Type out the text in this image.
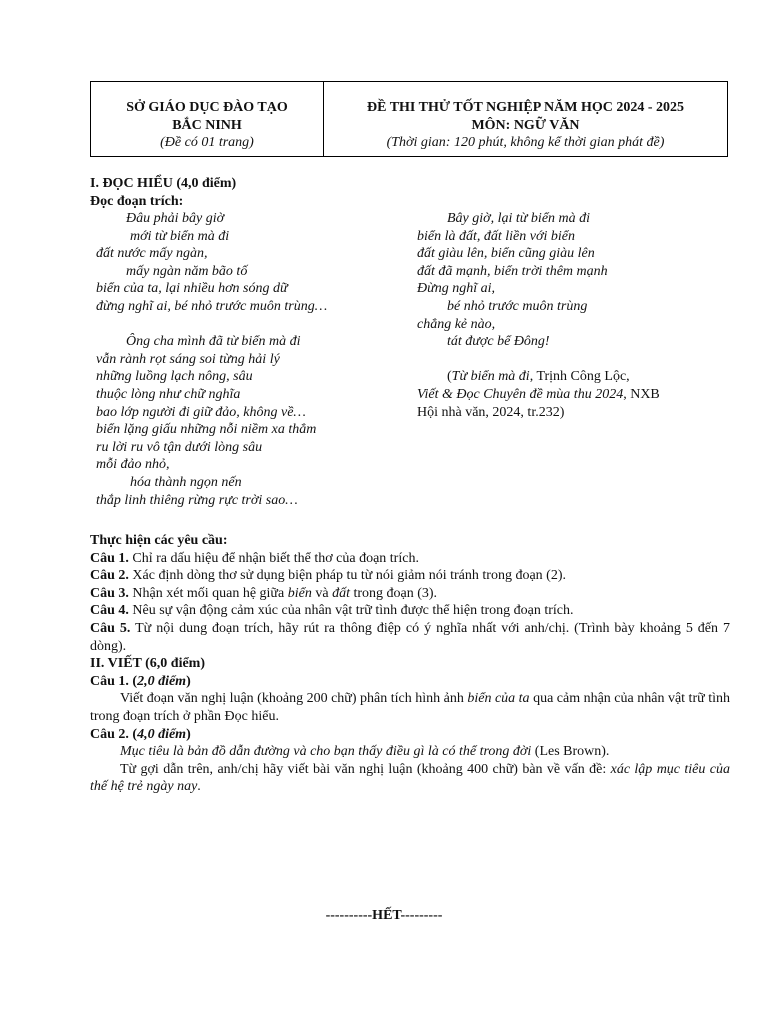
SỞ GIÁO DỤC ĐÀO TẠO
BẮC NINH
(Đề có 01 trang)
ĐỀ THI THỬ TỐT NGHIỆP NĂM HỌC 2024 - 2025
MÔN: NGỮ VĂN
(Thời gian: 120 phút, không kể thời gian phát đề)
I. ĐỌC HIỂU (4,0 điểm)
Đọc đoạn trích:
Đâu phải bây giờ
mới từ biển mà đi
đất nước mấy ngàn,
mấy ngàn năm bão tố
biển của ta, lại nhiều hơn sóng dữ
đừng nghĩ ai, bé nhỏ trước muôn trùng…
Ông cha mình đã từ biển mà đi
vẫn rành rọt sáng soi từng hải lý
những luồng lạch nông, sâu
thuộc lòng như chữ nghĩa
bao lớp người đi giữ đảo, không về…
biển lặng giấu những nỗi niềm xa thẳm
ru lời ru vô tận dưới lòng sâu
mỗi đảo nhỏ,
hóa thành ngọn nến
thắp linh thiêng rừng rực trời sao…
Bây giờ, lại từ biển mà đi
biển là đất, đất liền với biển
đất giàu lên, biển cũng giàu lên
đất đã mạnh, biển trời thêm mạnh
Đừng nghĩ ai,
bé nhỏ trước muôn trùng
chẳng kẻ nào,
tát được bể Đông!
(Từ biển mà đi, Trịnh Công Lộc,
Viết & Đọc Chuyên đề mùa thu 2024, NXB
Hội nhà văn, 2024, tr.232)
Thực hiện các yêu cầu:
Câu 1. Chỉ ra dấu hiệu để nhận biết thể thơ của đoạn trích.
Câu 2. Xác định dòng thơ sử dụng biện pháp tu từ nói giảm nói tránh trong đoạn (2).
Câu 3. Nhận xét mối quan hệ giữa biển và đất trong đoạn (3).
Câu 4. Nêu sự vận động cảm xúc của nhân vật trữ tình được thể hiện trong đoạn trích.
Câu 5. Từ nội dung đoạn trích, hãy rút ra thông điệp có ý nghĩa nhất với anh/chị. (Trình bày khoảng 5 đến 7 dòng).
II. VIẾT (6,0 điểm)
Câu 1. (2,0 điểm)
Viết đoạn văn nghị luận (khoảng 200 chữ) phân tích hình ảnh biển của ta qua cảm nhận của nhân vật trữ tình trong đoạn trích ở phần Đọc hiểu.
Câu 2. (4,0 điểm)
Mục tiêu là bản đồ dẫn đường và cho bạn thấy điều gì là có thể trong đời (Les Brown).
Từ gợi dẫn trên, anh/chị hãy viết bài văn nghị luận (khoảng 400 chữ) bàn về vấn đề: xác lập mục tiêu của thế hệ trẻ ngày nay.
----------HẾT---------
